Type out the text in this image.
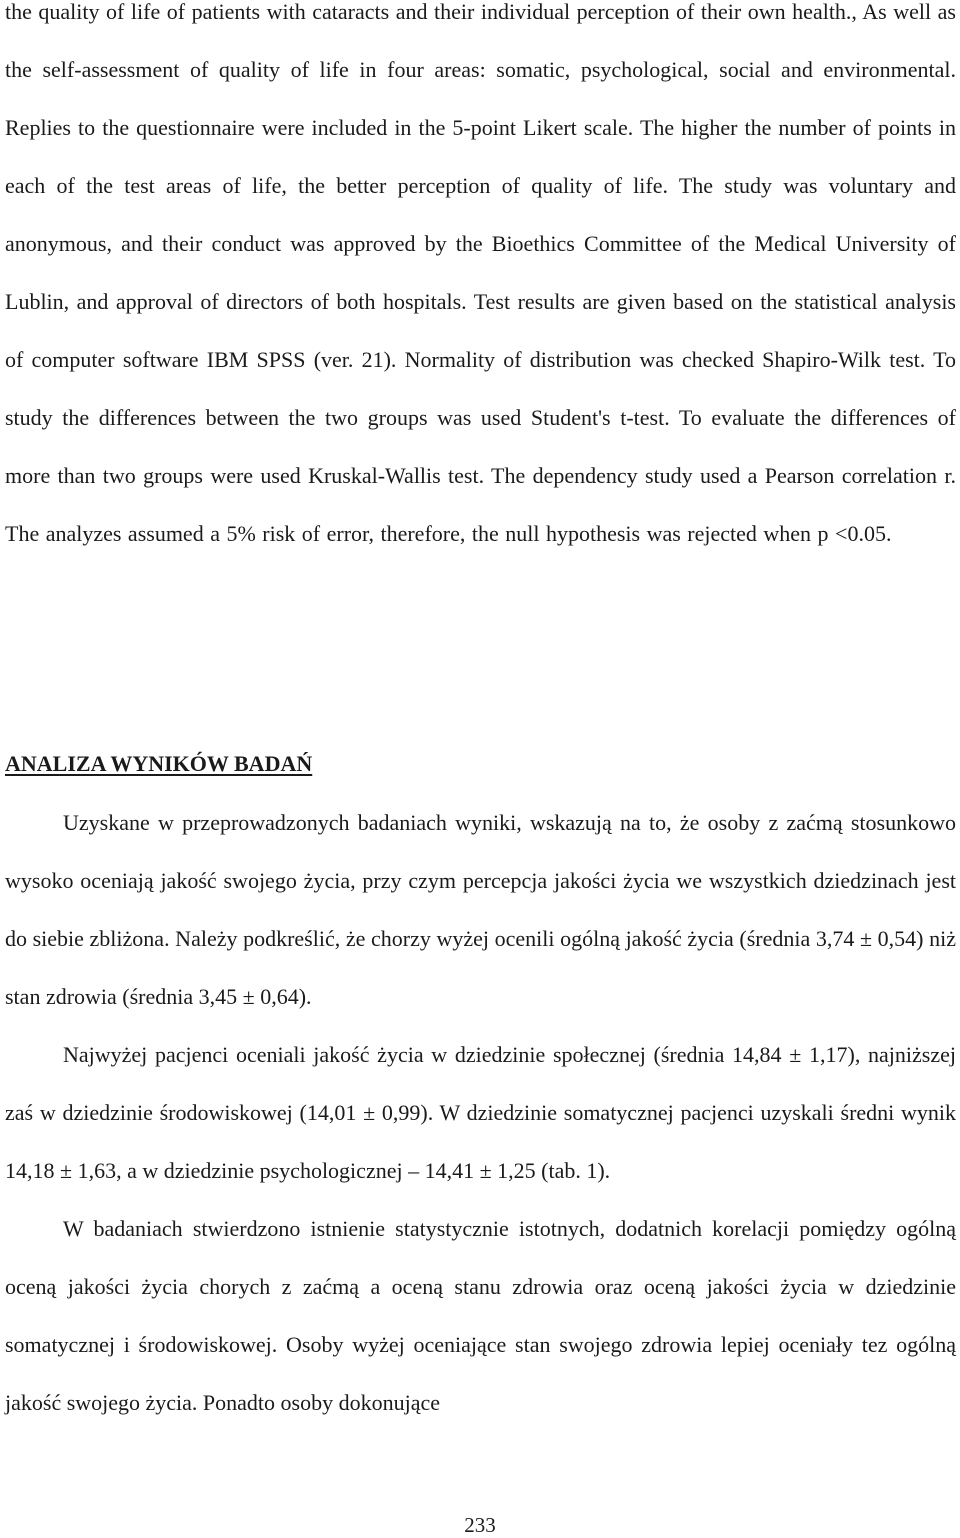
the quality of life of patients with cataracts and their individual perception of their own health., As well as the self-assessment of quality of life in four areas: somatic, psychological, social and environmental. Replies to the questionnaire were included in the 5-point Likert scale. The higher the number of points in each of the test areas of life, the better perception of quality of life. The study was voluntary and anonymous, and their conduct was approved by the Bioethics Committee of the Medical University of Lublin, and approval of directors of both hospitals. Test results are given based on the statistical analysis of computer software IBM SPSS (ver. 21). Normality of distribution was checked Shapiro-Wilk test. To study the differences between the two groups was used Student's t-test. To evaluate the differences of more than two groups were used Kruskal-Wallis test. The dependency study used a Pearson correlation r. The analyzes assumed a 5% risk of error, therefore, the null hypothesis was rejected when p <0.05.

ANALIZA WYNIKÓW BADAŃ

Uzyskane w przeprowadzonych badaniach wyniki, wskazują na to, że osoby z zaćmą stosunkowo wysoko oceniają jakość swojego życia, przy czym percepcja jakości życia we wszystkich dziedzinach jest do siebie zbliżona. Należy podkreślić, że chorzy wyżej ocenili ogólną jakość życia (średnia 3,74 ± 0,54) niż stan zdrowia (średnia 3,45 ± 0,64).

Najwyżej pacjenci oceniali jakość życia w dziedzinie społecznej (średnia 14,84 ± 1,17), najniższej zaś w dziedzinie środowiskowej (14,01 ± 0,99). W dziedzinie somatycznej pacjenci uzyskali średni wynik 14,18 ± 1,63, a w dziedzinie psychologicznej – 14,41 ± 1,25 (tab. 1).

W badaniach stwierdzono istnienie statystycznie istotnych, dodatnich korelacji pomiędzy ogólną oceną jakości życia chorych z zaćmą a oceną stanu zdrowia oraz oceną jakości życia w dziedzinie somatycznej i środowiskowej. Osoby wyżej oceniające stan swojego zdrowia lepiej oceniały tez ogólną jakość swojego życia. Ponadto osoby dokonujące

233
